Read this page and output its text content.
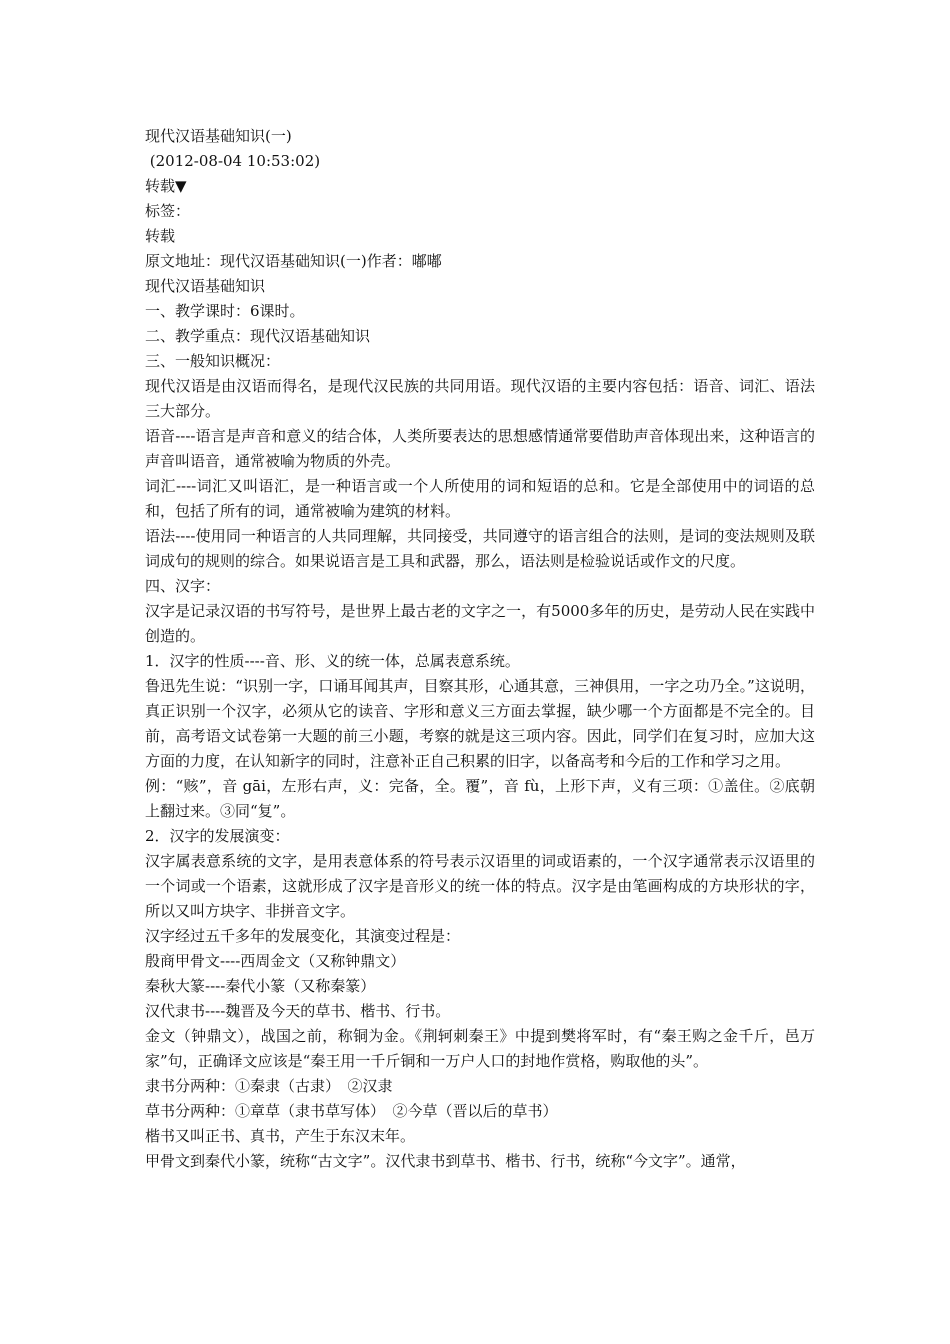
现代汉语基础知识(一)

(2012-08-04 10:53:02)

转载▼

标签：

转载

原文地址：现代汉语基础知识(一)作者：嘟嘟

现代汉语基础知识

一、教学课时：6课时。

二、教学重点：现代汉语基础知识

三、一般知识概况：

现代汉语是由汉语而得名，是现代汉民族的共同用语。现代汉语的主要内容包括：语音、词汇、语法三大部分。

语音----语言是声音和意义的结合体，人类所要表达的思想感情通常要借助声音体现出来，这种语言的声音叫语音，通常被喻为物质的外壳。

词汇----词汇又叫语汇，是一种语言或一个人所使用的词和短语的总和。它是全部使用中的词语的总和，包括了所有的词，通常被喻为建筑的材料。

语法----使用同一种语言的人共同理解，共同接受，共同遵守的语言组合的法则，是词的变法规则及联词成句的规则的综合。如果说语言是工具和武器，那么，语法则是检验说话或作文的尺度。

四、汉字：

汉字是记录汉语的书写符号，是世界上最古老的文字之一，有5000多年的历史，是劳动人民在实践中创造的。

1．汉字的性质----音、形、义的统一体，总属表意系统。

鲁迅先生说：“识别一字，口诵耳闻其声，目察其形，心通其意，三神俱用，一字之功乃全。”这说明，真正识别一个汉字，必须从它的读音、字形和意义三方面去掌握，缺少哪一个方面都是不完全的。目前，高考语文试卷第一大题的前三小题，考察的就是这三项内容。因此，同学们在复习时，应加大这方面的力度，在认知新字的同时，注意补正自己积累的旧字，以备高考和今后的工作和学习之用。

例：“赅”，音 gāi，左形右声，义：完备，全。覆”，音 fù，上形下声，义有三项：①盖住。②底朝上翻过来。③同“复”。

2．汉字的发展演变：

汉字属表意系统的文字，是用表意体系的符号表示汉语里的词或语素的，一个汉字通常表示汉语里的一个词或一个语素，这就形成了汉字是音形义的统一体的特点。汉字是由笔画构成的方块形状的字，所以又叫方块字、非拼音文字。

汉字经过五千多年的发展变化，其演变过程是：

殷商甲骨文----西周金文（又称钟鼎文）

秦秋大篆----秦代小篆（又称秦篆）

汉代隶书----魏晋及今天的草书、楷书、行书。

金文（钟鼎文），战国之前，称铜为金。《荆轲刺秦王》中提到樊将军时，有“秦王购之金千斤，邑万家”句，正确译文应该是“秦王用一千斤铜和一万户人口的封地作赏格，购取他的头”。

隶书分两种：①秦隶（古隶）　②汉隶

草书分两种：①章草（隶书草写体）　②今草（晋以后的草书）

楷书又叫正书、真书，产生于东汉末年。

甲骨文到秦代小篆，统称“古文字”。汉代隶书到草书、楷书、行书，统称“今文字”。通常，
